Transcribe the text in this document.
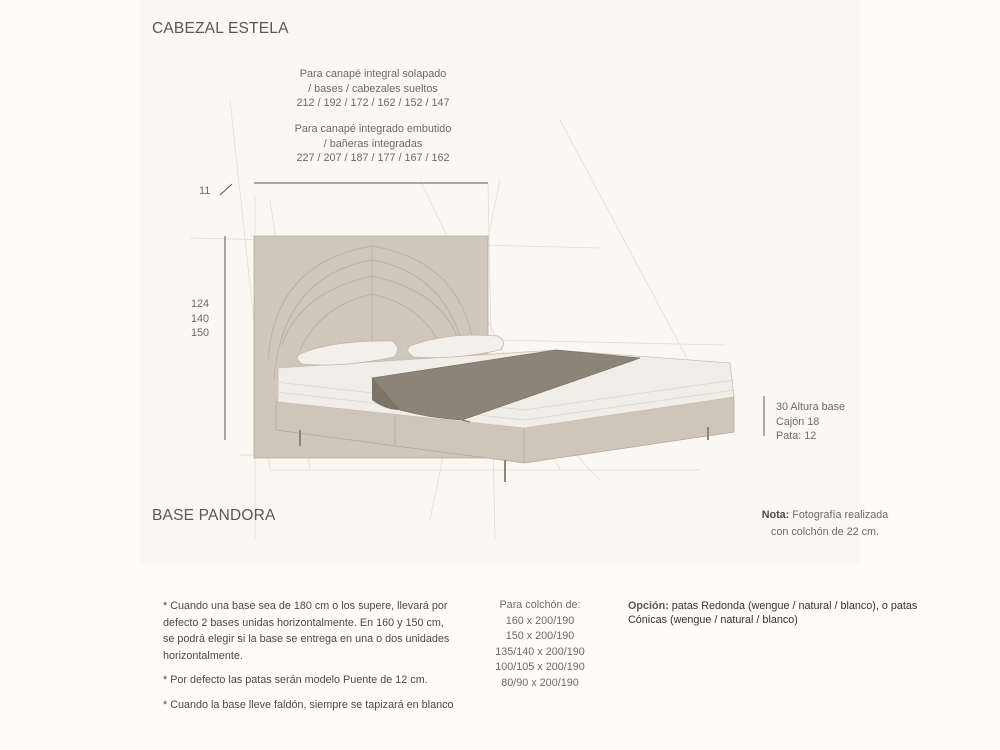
CABEZAL ESTELA
BASE PANDORA
Para canapé integral solapado
/ bases / cabezales sueltos
212 / 192 / 172 / 162 / 152 / 147
Para canapé integrado embutido
/ bañeras integradas
227 / 207 / 187 / 177 / 167 / 162
11
124
140
150
30 Altura base
Cajón 18
Pata: 12
Nota: Fotografía realizada
con colchón de 22 cm.

* Cuando una base sea de 180 cm o los supere, llevará por defecto 2 bases unidas horizontalmente. En 160 y 150 cm, se podrá elegir si la base se entrega en una o dos unidades horizontalmente.

* Por defecto las patas serán modelo Puente de 12 cm.

* Cuando la base lleve faldón, siempre se tapizará en blanco

Para colchón de:
160 x 200/190
150 x 200/190
135/140 x 200/190
100/105 x 200/190
80/90 x 200/190
Opción: patas Redonda (wengue / natural / blanco), o patas Cónicas (wengue / natural / blanco)
